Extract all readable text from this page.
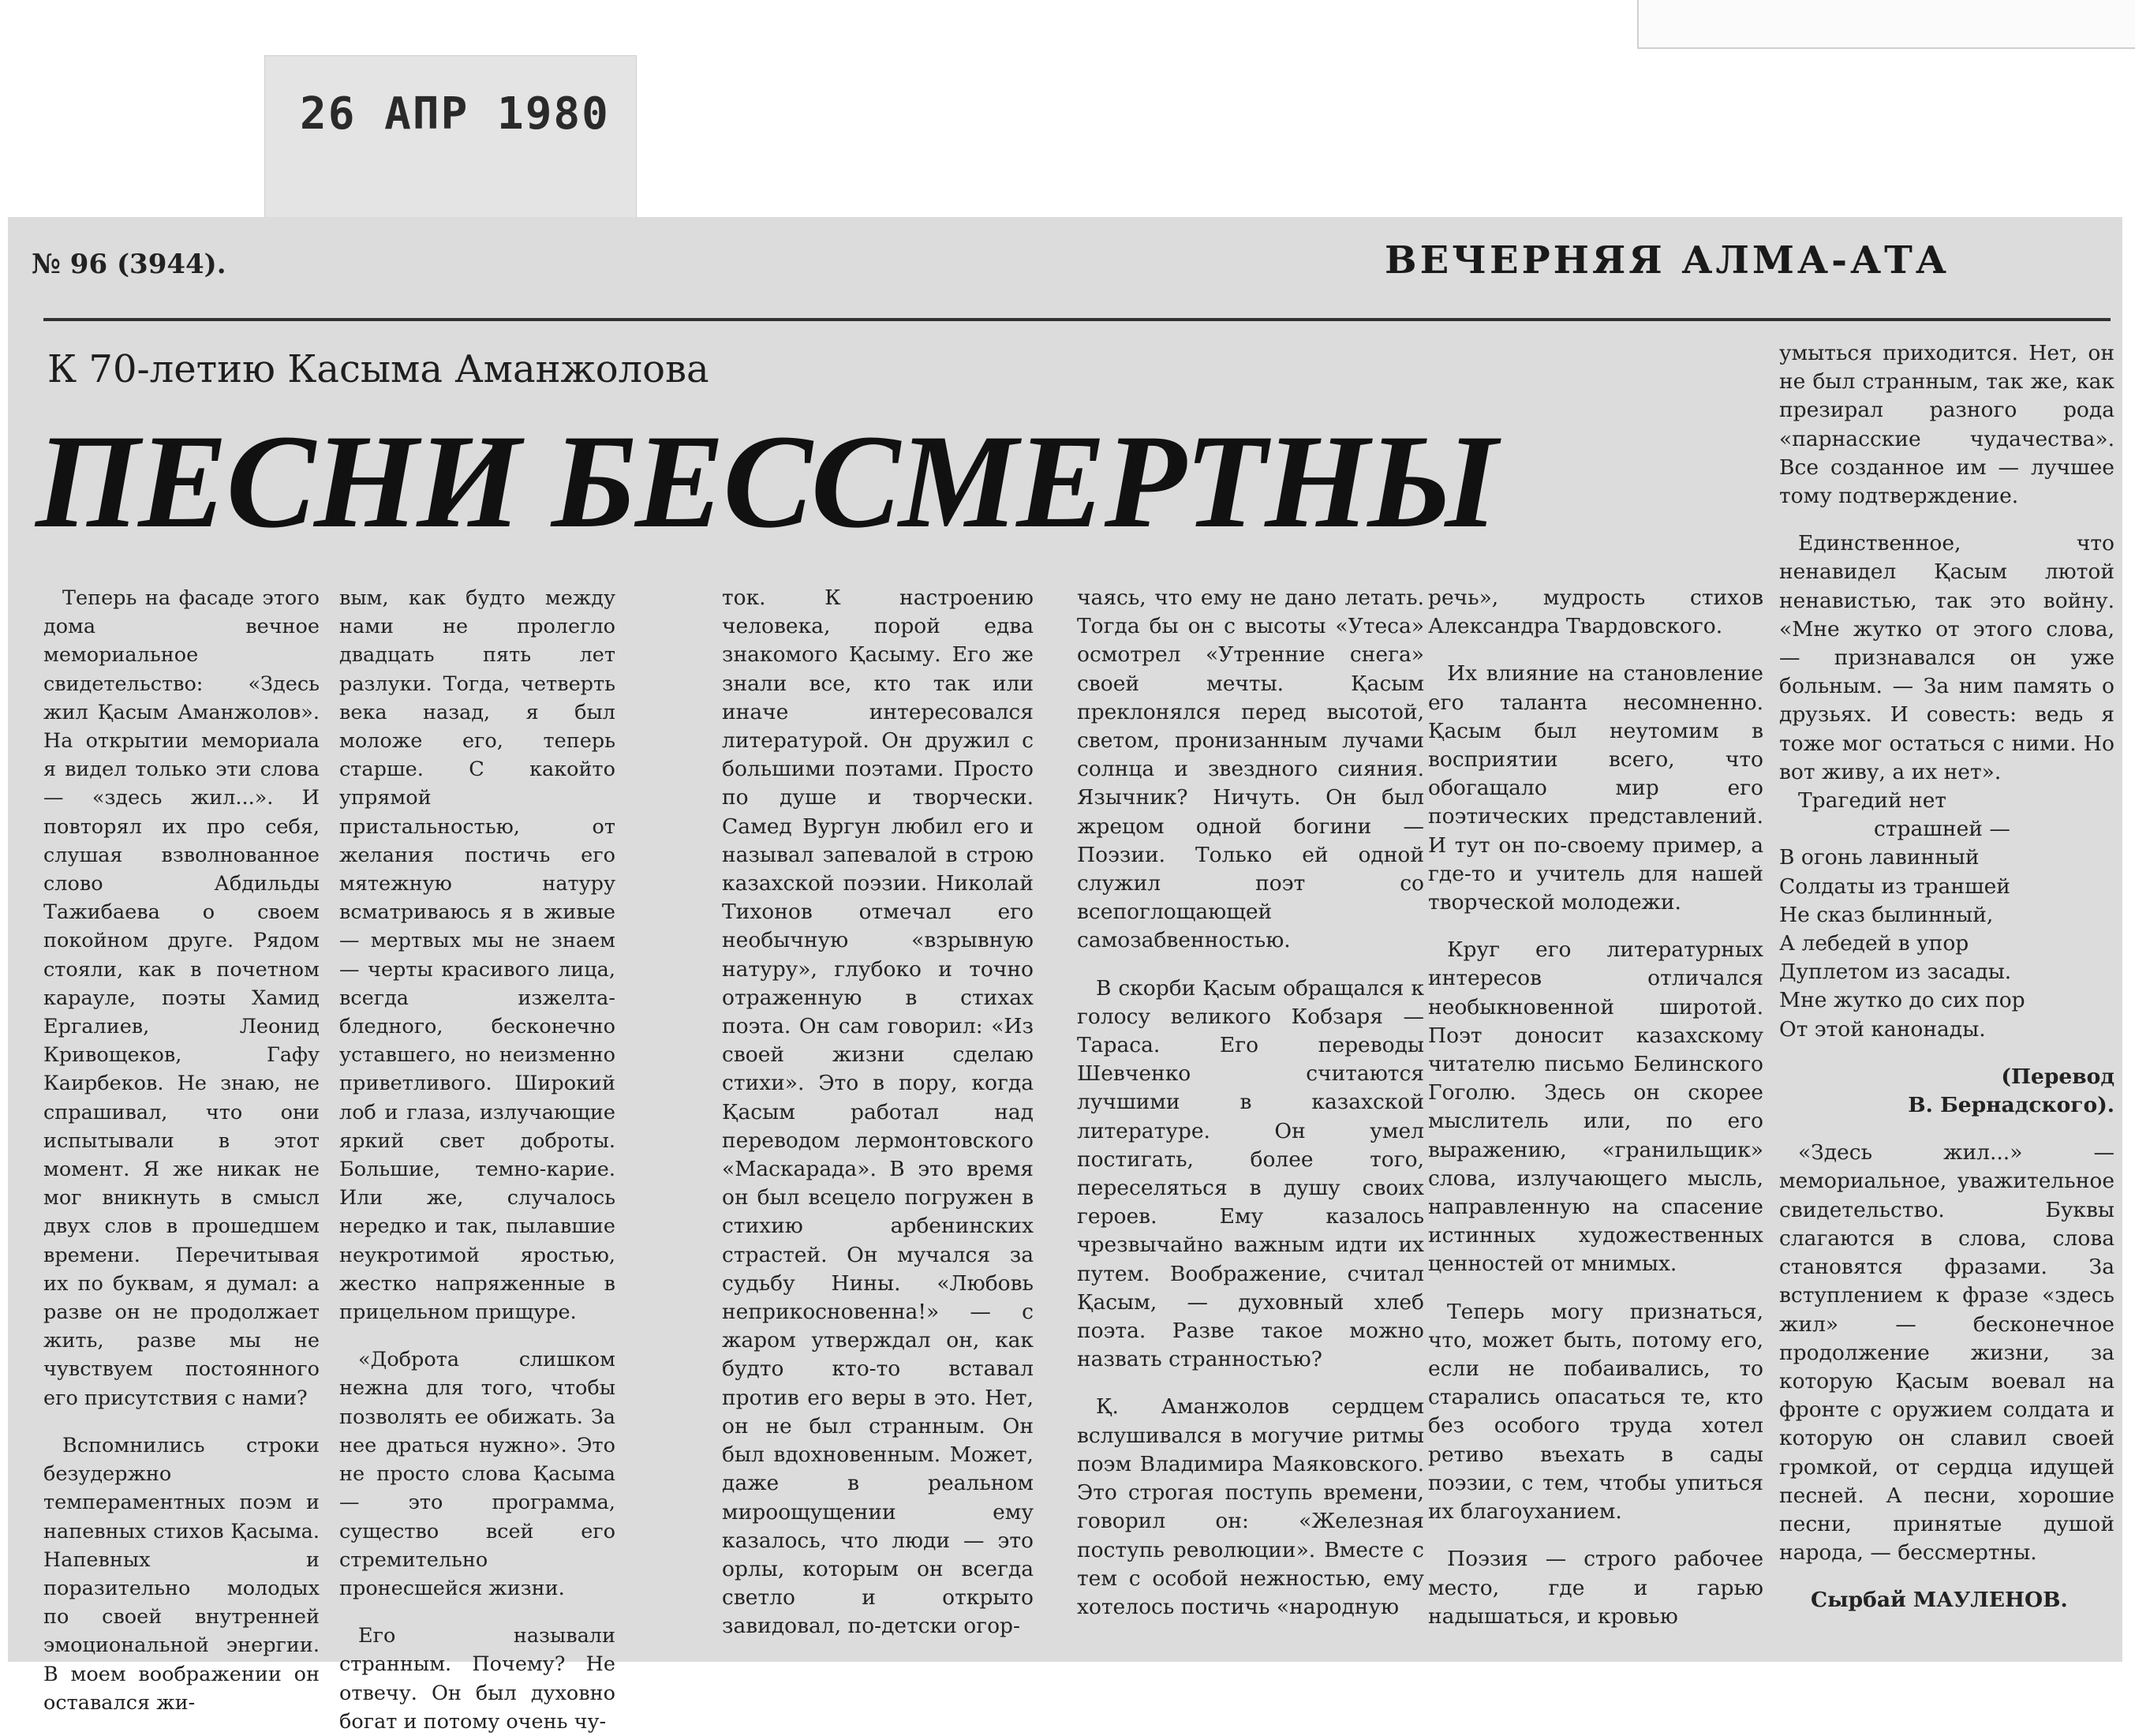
26 АПР 1980
№ 96 (3944).	ВЕЧЕРНЯЯ АЛМА-АТА
К 70-летию Касыма Аманжолова
ПЕСНИ БЕССМЕРТНЫ

Теперь на фасаде этого дома вечное мемориальное свидетельство: «Здесь жил Қасым Аманжолов». На открытии мемориала я видел только эти слова — «здесь жил...». И повторял их про себя, слушая взволнованное слово Абдильды Тажибаева о своем покойном друге. Рядом стояли, как в почетном карауле, поэты Хамид Ергалиев, Леонид Кривощеков, Гафу Каирбеков. Не знаю, не спрашивал, что они испытывали в этот момент. Я же никак не мог вникнуть в смысл двух слов в прошедшем времени. Перечитывая их по буквам, я думал: а разве он не продолжает жить, разве мы не чувствуем постоянного его присутствия с нами?

Вспомнились строки безудержно темпераментных поэм и напевных стихов Қасыма. Напевных и поразительно молодых по своей внутренней эмоциональной энергии. В моем воображении он оставался жи-

вым, как будто между нами не пролегло двадцать пять лет разлуки. Тогда, четверть века назад, я был моложе его, теперь старше. С какойто упрямой пристальностью, от желания постичь его мятежную натуру всматриваюсь я в живые — мертвых мы не знаем — черты красивого лица, всегда изжелта-бледного, бесконечно уставшего, но неизменно приветливого. Широкий лоб и глаза, излучающие яркий свет доброты. Большие, темно-карие. Или же, случалось нередко и так, пылавшие неукротимой яростью, жестко напряженные в прицельном прищуре.

«Доброта слишком нежна для того, чтобы позволять ее обижать. За нее драться нужно». Это не просто слова Қасыма — это программа, существо всей его стремительно пронесшейся жизни.

Его называли странным. Почему? Не отвечу. Он был духовно богат и потому очень чу-

ток. К настроению человека, порой едва знакомого Қасыму. Его же знали все, кто так или иначе интересовался литературой. Он дружил с большими поэтами. Просто по душе и творчески. Самед Вургун любил его и называл запевалой в строю казахской поэзии. Николай Тихонов отмечал его необычную «взрывную натуру», глубоко и точно отраженную в стихах поэта. Он сам говорил: «Из своей жизни сделаю стихи». Это в пору, когда Қасым работал над переводом лермонтовского «Маскарада». В это время он был всецело погружен в стихию арбенинских страстей. Он мучался за судьбу Нины. «Любовь неприкосновенна!» — с жаром утверждал он, как будто кто-то вставал против его веры в это. Нет, он не был странным. Он был вдохновенным. Может, даже в реальном мироощущении ему казалось, что люди — это орлы, которым он всегда светло и открыто завидовал, по-детски огор-

чаясь, что ему не дано летать. Тогда бы он с высоты «Утеса» осмотрел «Утренние снега» своей мечты. Қасым преклонялся перед высотой, светом, пронизанным лучами солнца и звездного сияния. Язычник? Ничуть. Он был жрецом одной богини — Поэзии. Только ей одной служил поэт со всепоглощающей самозабвенностью.

В скорби Қасым обращался к голосу великого Кобзаря — Тараса. Его переводы Шевченко считаются лучшими в казахской литературе. Он умел постигать, более того, переселяться в душу своих героев. Ему казалось чрезвычайно важным идти их путем. Воображение, считал Қасым, — духовный хлеб поэта. Разве такое можно назвать странностью?

Қ. Аманжолов сердцем вслушивался в могучие ритмы поэм Владимира Маяковского. Это строгая поступь времени, говорил он: «Железная поступь революции». Вместе с тем с особой нежностью, ему хотелось постичь «народную

речь», мудрость стихов Александра Твардовского.

Их влияние на становление его таланта несомненно. Қасым был неутомим в восприятии всего, что обогащало мир его поэтических представлений. И тут он по-своему пример, а где-то и учитель для нашей творческой молодежи.

Круг его литературных интересов отличался необыкновенной широтой. Поэт доносит казахскому читателю письмо Белинского Гоголю. Здесь он скорее мыслитель или, по его выражению, «гранильщик» слова, излучающего мысль, направленную на спасение истинных художественных ценностей от мнимых.

Теперь могу признаться, что, может быть, потому его, если не побаивались, то старались опасаться те, кто без особого труда хотел ретиво въехать в сады поэзии, с тем, чтобы упиться их благоуханием.

Поэзия — строго рабочее место, где и гарью надышаться, и кровью

умыться приходится. Нет, он не был странным, так же, как презирал разного рода «парнасские чудачества». Все созданное им — лучшее тому подтверждение.

Единственное, что ненавидел Қасым лютой ненавистью, так это войну. «Мне жутко от этого слова, — признавался он уже больным. — За ним память о друзьях. И совесть: ведь я тоже мог остаться с ними. Но вот живу, а их нет».

Трагедий нет
страшней —
В огонь лавинный
Солдаты из траншей
Не сказ былинный,
А лебедей в упор
Дуплетом из засады.
Мне жутко до сих пор
От этой канонады.

(Перевод
В. Бернадского).

«Здесь жил...» — мемориальное, уважительное свидетельство. Буквы слагаются в слова, слова становятся фразами. За вступлением к фразе «здесь жил» — бесконечное продолжение жизни, за которую Қасым воевал на фронте с оружием солдата и которую он славил своей громкой, от сердца идущей песней. А песни, хорошие песни, принятые душой народа, — бессмертны.

Сырбай МАУЛЕНОВ.
